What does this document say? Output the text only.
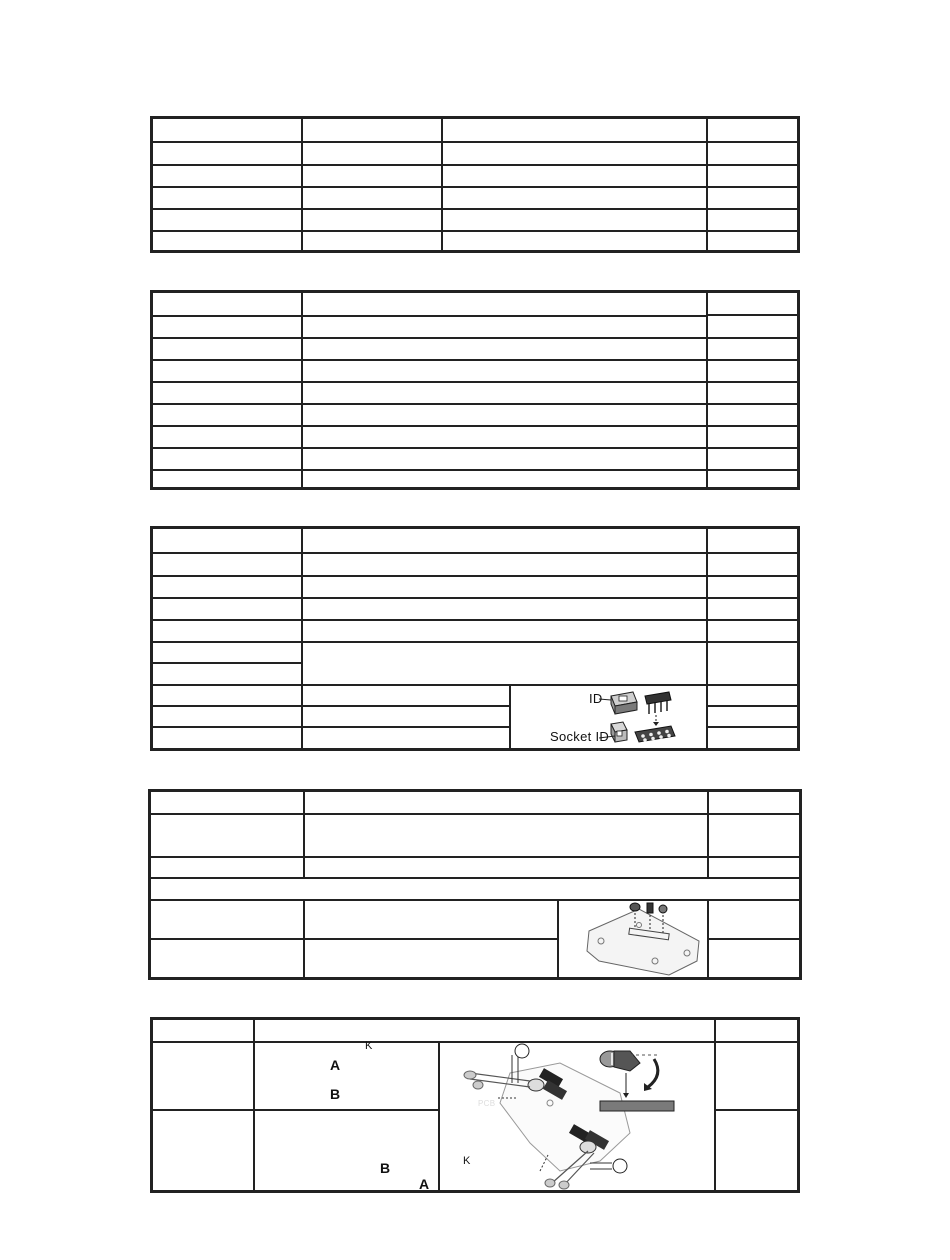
ID
Socket ID
A
B
K
B
A
K
PCB
